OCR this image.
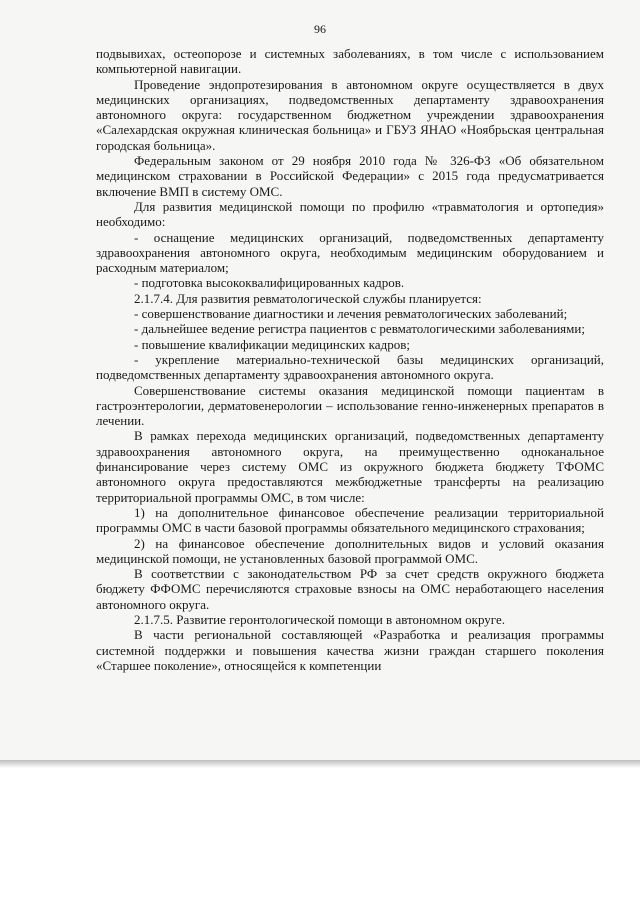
96

подвывихах, остеопорозе и системных заболеваниях, в том числе с использованием компьютерной навигации.

Проведение эндопротезирования в автономном округе осуществляется в двух медицинских организациях, подведомственных департаменту здравоохранения автономного округа: государственном бюджетном учреждении здравоохранения «Салехардская окружная клиническая больница» и ГБУЗ ЯНАО «Ноябрьская центральная городская больница».

Федеральным законом от 29 ноября 2010 года № 326-ФЗ «Об обязательном медицинском страховании в Российской Федерации» с 2015 года предусматривается включение ВМП в систему ОМС.

Для развития медицинской помощи по профилю «травматология и ортопедия» необходимо:

- оснащение медицинских организаций, подведомственных департаменту здравоохранения автономного округа, необходимым медицинским оборудованием и расходным материалом;

- подготовка высококвалифицированных кадров.

2.1.7.4. Для развития ревматологической службы планируется:

- совершенствование диагностики и лечения ревматологических заболеваний;

- дальнейшее ведение регистра пациентов с ревматологическими заболеваниями;

- повышение квалификации медицинских кадров;

- укрепление материально-технической базы медицинских организаций, подведомственных департаменту здравоохранения автономного округа.

Совершенствование системы оказания медицинской помощи пациентам в гастроэнтерологии, дерматовенерологии – использование генно-инженерных препаратов в лечении.

В рамках перехода медицинских организаций, подведомственных департаменту здравоохранения автономного округа, на преимущественно одноканальное финансирование через систему ОМС из окружного бюджета бюджету ТФОМС автономного округа предоставляются межбюджетные трансферты на реализацию территориальной программы ОМС, в том числе:

1) на дополнительное финансовое обеспечение реализации территориальной программы ОМС в части базовой программы обязательного медицинского страхования;

2) на финансовое обеспечение дополнительных видов и условий оказания медицинской помощи, не установленных базовой программой ОМС.

В соответствии с законодательством РФ за счет средств окружного бюджета бюджету ФФОМС перечисляются страховые взносы на ОМС неработающего населения автономного округа.

2.1.7.5. Развитие геронтологической помощи в автономном округе.

В части региональной составляющей «Разработка и реализация программы системной поддержки и повышения качества жизни граждан старшего поколения «Старшее поколение», относящейся к компетенции
